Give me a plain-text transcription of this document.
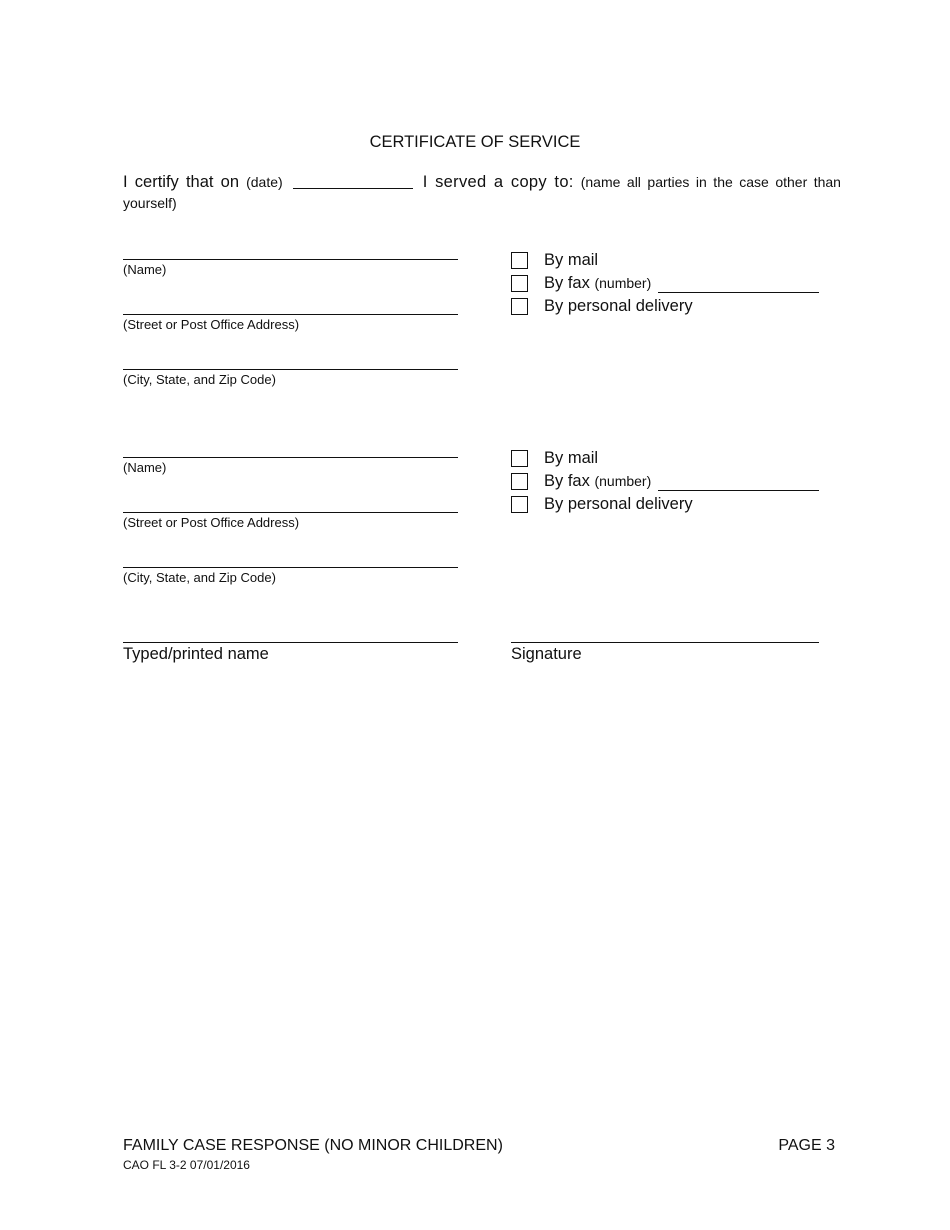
CERTIFICATE OF SERVICE
I certify that on (date)	I served a copy to: (name all parties in the case other than yourself)
(Name)
(Street or Post Office Address)
(City, State, and Zip Code)
By mail
By fax (number)
By personal delivery
(Name)
(Street or Post Office Address)
(City, State, and Zip Code)
By mail
By fax (number)
By personal delivery
Typed/printed name	Signature
FAMILY CASE RESPONSE (NO MINOR CHILDREN)
CAO FL 3-2 07/01/2016
PAGE 3
